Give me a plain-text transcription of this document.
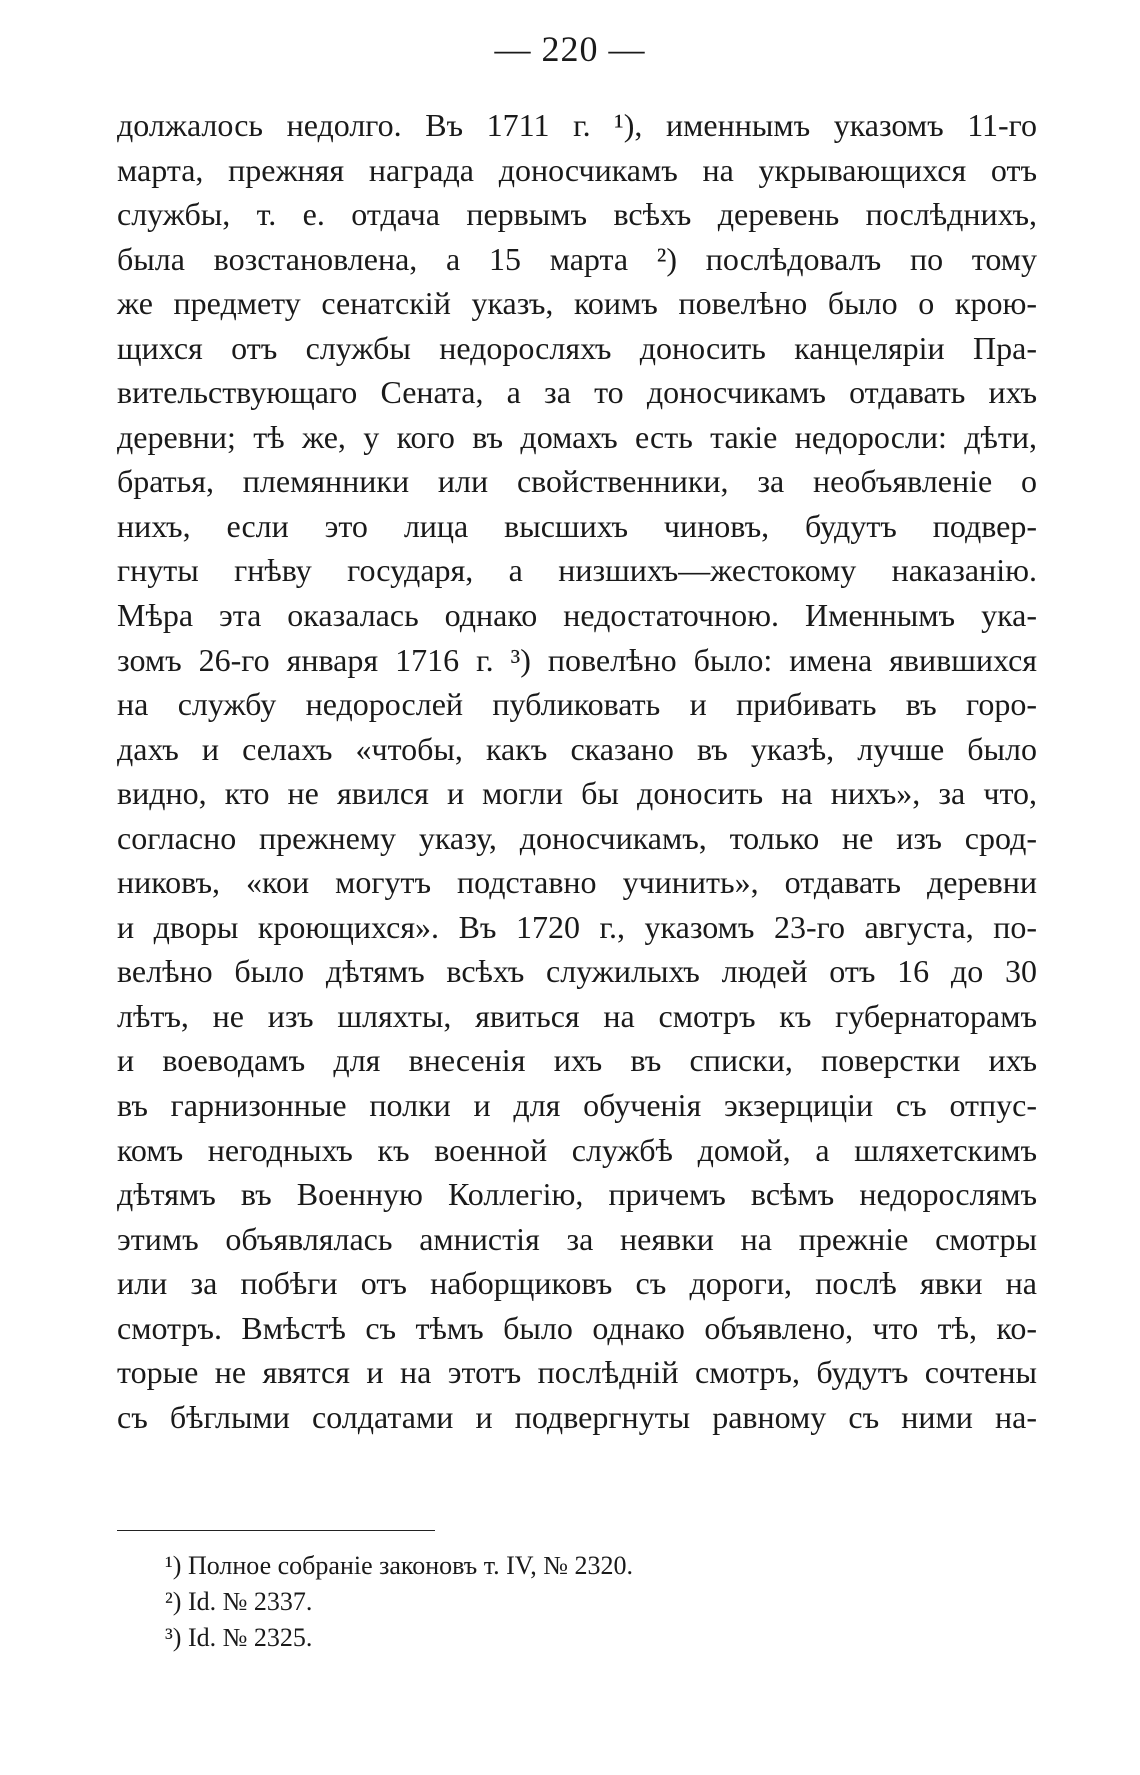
— 220 —
должалось недолго. Въ 1711 г. ¹), именнымъ указомъ 11-го
марта, прежняя награда доносчикамъ на укрывающихся отъ
службы, т. е. отдача первымъ всѣхъ деревень послѣднихъ,
была возстановлена, а 15 марта ²) послѣдовалъ по тому
же предмету сенатскій указъ, коимъ повелѣно было о крою-
щихся отъ службы недоросляхъ доносить канцеляріи Пра-
вительствующаго Сената, а за то доносчикамъ отдавать ихъ
деревни; тѣ же, у кого въ домахъ есть такіе недоросли: дѣти,
братья, племянники или свойственники, за необъявленіе о
нихъ, если это лица высшихъ чиновъ, будутъ подвер-
гнуты гнѣву государя, а низшихъ—жестокому наказанію.
Мѣра эта оказалась однако недостаточною. Именнымъ ука-
зомъ 26-го января 1716 г. ³) повелѣно было: имена явившихся
на службу недорослей публиковать и прибивать въ горо-
дахъ и селахъ «чтобы, какъ сказано въ указѣ, лучше было
видно, кто не явился и могли бы доносить на нихъ», за что,
согласно прежнему указу, доносчикамъ, только не изъ срод-
никовъ, «кои могутъ подставно учинить», отдавать деревни
и дворы кроющихся». Въ 1720 г., указомъ 23-го августа, по-
велѣно было дѣтямъ всѣхъ служилыхъ людей отъ 16 до 30
лѣтъ, не изъ шляхты, явиться на смотръ къ губернаторамъ
и воеводамъ для внесенія ихъ въ списки, поверстки ихъ
въ гарнизонные полки и для обученія экзерциціи съ отпус-
комъ негодныхъ къ военной службѣ домой, а шляхетскимъ
дѣтямъ въ Военную Коллегію, причемъ всѣмъ недорослямъ
этимъ объявлялась амнистія за неявки на прежніе смотры
или за побѣги отъ наборщиковъ съ дороги, послѣ явки на
смотръ. Вмѣстѣ съ тѣмъ было однако объявлено, что тѣ, ко-
торые не явятся и на этотъ послѣдній смотръ, будутъ сочтены
съ бѣглыми солдатами и подвергнуты равному съ ними на-
¹) Полное собраніе законовъ т. IV, № 2320.
²) Id. № 2337.
³) Id. № 2325.
